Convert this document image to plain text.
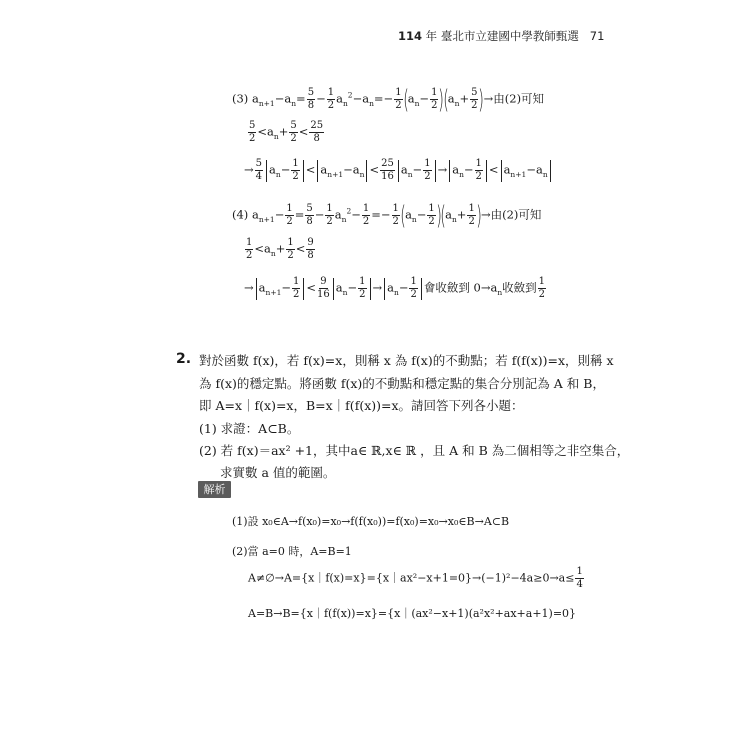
114 年 臺北市立建國中學教師甄選 71
(3) $a_{n+1}-a_n= \frac{5}{8} - \frac{1}{2} a_n^2-a_n=- \frac{1}{2} (a_n- \frac{1}{2} )(a_n+ \frac{5}{2}$ )→由(2)可知
$\frac{5}{2} <a_n+ \frac{5}{2} < \frac{25}{8}$
→ $\frac{5}{4} a_n- \frac{1}{2} < a_{n+1}-a_n < \frac{25}{16} a_n- \frac{1}{2} \to a_n- \frac{1}{2} < a_{n+1}-a_n$
(4) $a_{n+1}- \frac{1}{2} = \frac{5}{8} - \frac{1}{2} a_n^2- \frac{1}{2} =- \frac{1}{2} (a_n- \frac{1}{2} )(a_n+ \frac{1}{2}$ )→由(2)可知
$\frac{1}{2} <a_n+ \frac{1}{2} < \frac{9}{8}$
→ $a_{n+1}- \frac{1}{2} < \frac{9}{16} a_n- \frac{1}{2} \to a_n- \frac{1}{2}$ 會收斂到 $0\to a_n$收斂到 $\frac{1}{2}$
2. 對於函數 f(x)，若 f(x)=x，則稱 x 為 f(x)的不動點；若 f(f(x))=x，則稱 x
為 f(x)的穩定點。將函數 f(x)的不動點和穩定點的集合分別記為 A 和 B，
即 A=x｜f(x)=x，B=x｜f(f(x))=x。請回答下列各小題：
(1) 求證：A⊂B。
(2) 若 f(x)＝ax² +1，其中a∈ ℝ,x∈ ℝ ，且 A 和 B 為二個相等之非空集合，
求實數 a 值的範圍。
解析
(1)設 x₀∈A→f(x₀)=x₀→f(f(x₀))=f(x₀)=x₀→x₀∈B→A⊂B
(2)當 a=0 時，A=B=1
A≠∅→A={x｜f(x)=x}={x｜ax²−x+1=0}→(−1)²−4a≥0→a≤ $\frac{1}{4}$
A=B→B={x｜f(f(x))=x}={x｜(ax²−x+1)(a²x²+ax+a+1)=0}
